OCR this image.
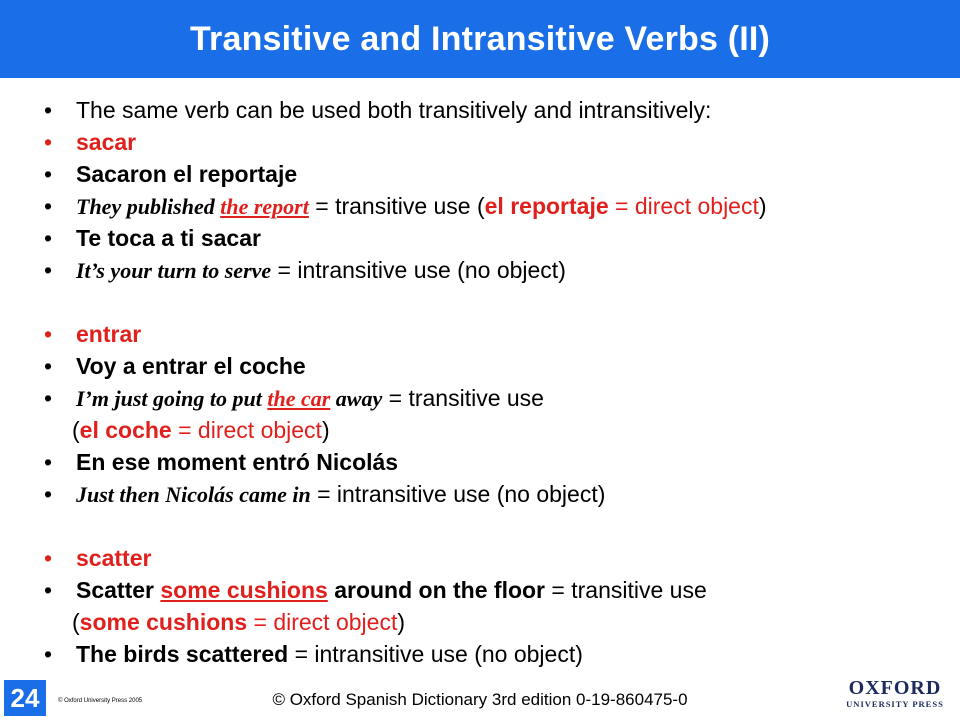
Transitive and Intransitive Verbs (II)
• The same verb can be used both transitively and intransitively:
• sacar
• Sacaron el reportaje
• They published the report = transitive use (el reportaje = direct object)
• Te toca a ti sacar
• It’s your turn to serve = intransitive use (no object)
• entrar
• Voy a entrar el coche
• I’m just going to put the car away = transitive use
(el coche = direct object)
• En ese moment entró Nicolás
• Just then Nicolás came in = intransitive use (no object)
• scatter
• Scatter some cushions around on the floor = transitive use
(some cushions = direct object)
• The birds scattered = intransitive use (no object)
24	© Oxford University Press 2005	© Oxford Spanish Dictionary 3rd edition 0-19-860475-0
OXFORD
UNIVERSITY PRESS
